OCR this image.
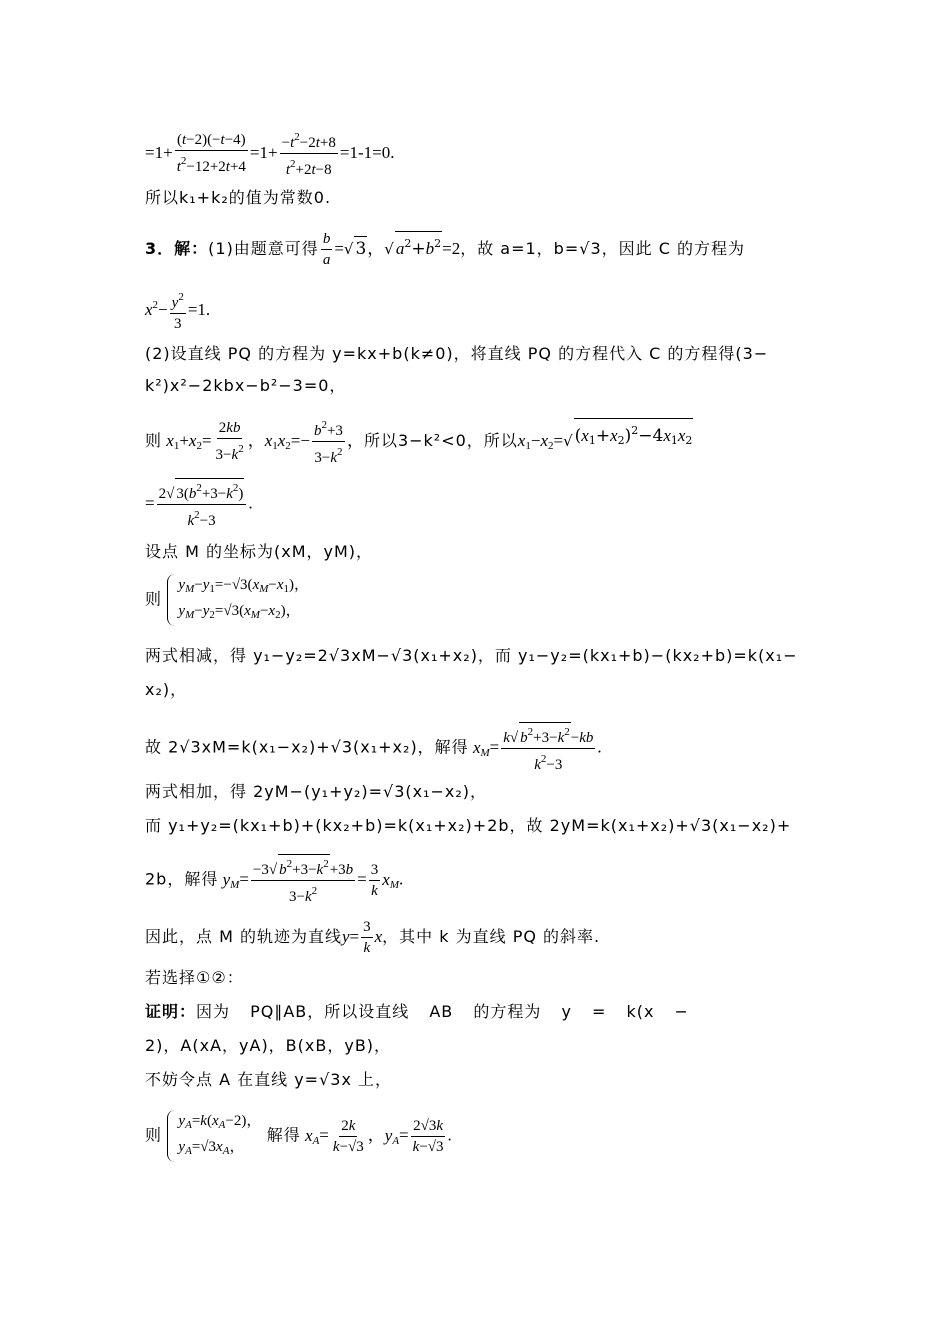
$=1+ \frac{(t-2)(-t-4)}{t^2-12+2t+4} =1+ \frac{-t^2-2t+8}{t^2+2t-8} =1-1=0$.
所以k₁+k₂的值为常数0.
3．解：(1)由题意可得 $\frac{b}{a}$ = √ 3 ， √ $a^2+b^2 =2$，故 a=1，b=√3，因此 C 的方程为
$x^2- \frac{y^2}{3} =1$.
(2)设直线 PQ 的方程为 y=kx+b(k≠0)，将直线 PQ 的方程代入 C 的方程得(3−
k²)x²−2kbx−b²−3=0，
则 $x_1+x_2= \frac{2kb}{3-k^2}$ ，$x_1x_2=- \frac{b^2+3}{3-k^2}$ ，所以3−k²<0，所以$x_1-x_2=$ √ $(x_1+x_2)^2-4x_1x_2$
= $\frac{2 √ 3(b^2+3-k^2)}{k^2-3}$ .
设点 M 的坐标为(xM，yM)，
则
$y_M-y_1=-√3(x_M-x_1)$，
$y_M-y_2=√3(x_M-x_2)$，
两式相减，得 y₁−y₂=2√3xM−√3(x₁+x₂)，而 y₁−y₂=(kx₁+b)−(kx₂+b)=k(x₁−
x₂)，
故 2√3xM=k(x₁−x₂)+√3(x₁+x₂)，解得 $x_M= \frac{k √ b^2+3-k^2 -kb}{k^2-3}$ .
两式相加，得 2yM−(y₁+y₂)=√3(x₁−x₂)，
而 y₁+y₂=(kx₁+b)+(kx₂+b)=k(x₁+x₂)+2b，故 2yM=k(x₁+x₂)+√3(x₁−x₂)+
2b，解得 $y_M= \frac{-3 √ b^2+3-k^2 +3b}{3-k^2} = \frac{3}{k} x_M$.
因此，点 M 的轨迹为直线$y= \frac{3}{k}$ x，其中 k 为直线 PQ 的斜率.
若选择①②：
证明：因为 PQ∥AB，所以设直线 AB 的方程为 y = k(x −
2)，A(xA，yA)，B(xB，yB)，
不妨令点 A 在直线 y=√3x 上，
则
$y_A=k(x_A-2)$，
$y_A=√3x_A$，
解得 $x_A= \frac{2k}{k-√3}$ ，$y_A= \frac{2√3k}{k-√3}$ .
